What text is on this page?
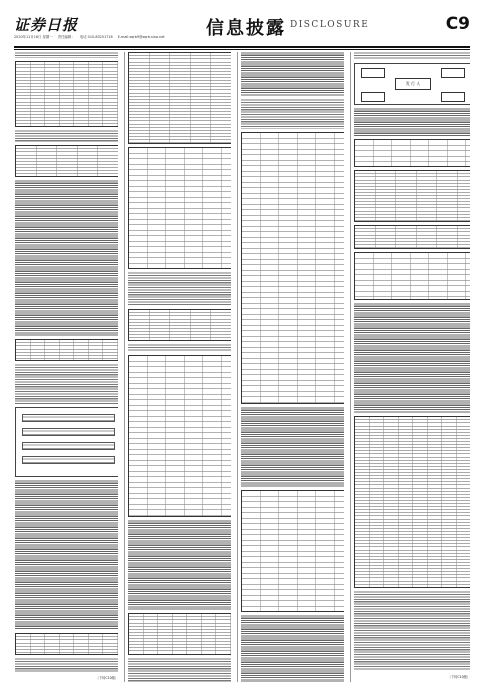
证券日报
2020年11月16日 星期一 责任编辑： 电话 010-83251716 E-mail:zqrb9@zqrb.sina.net 信息披露 DISCLOSURE	C9
（下转C10版）
发 行 人
（下转C10版）
